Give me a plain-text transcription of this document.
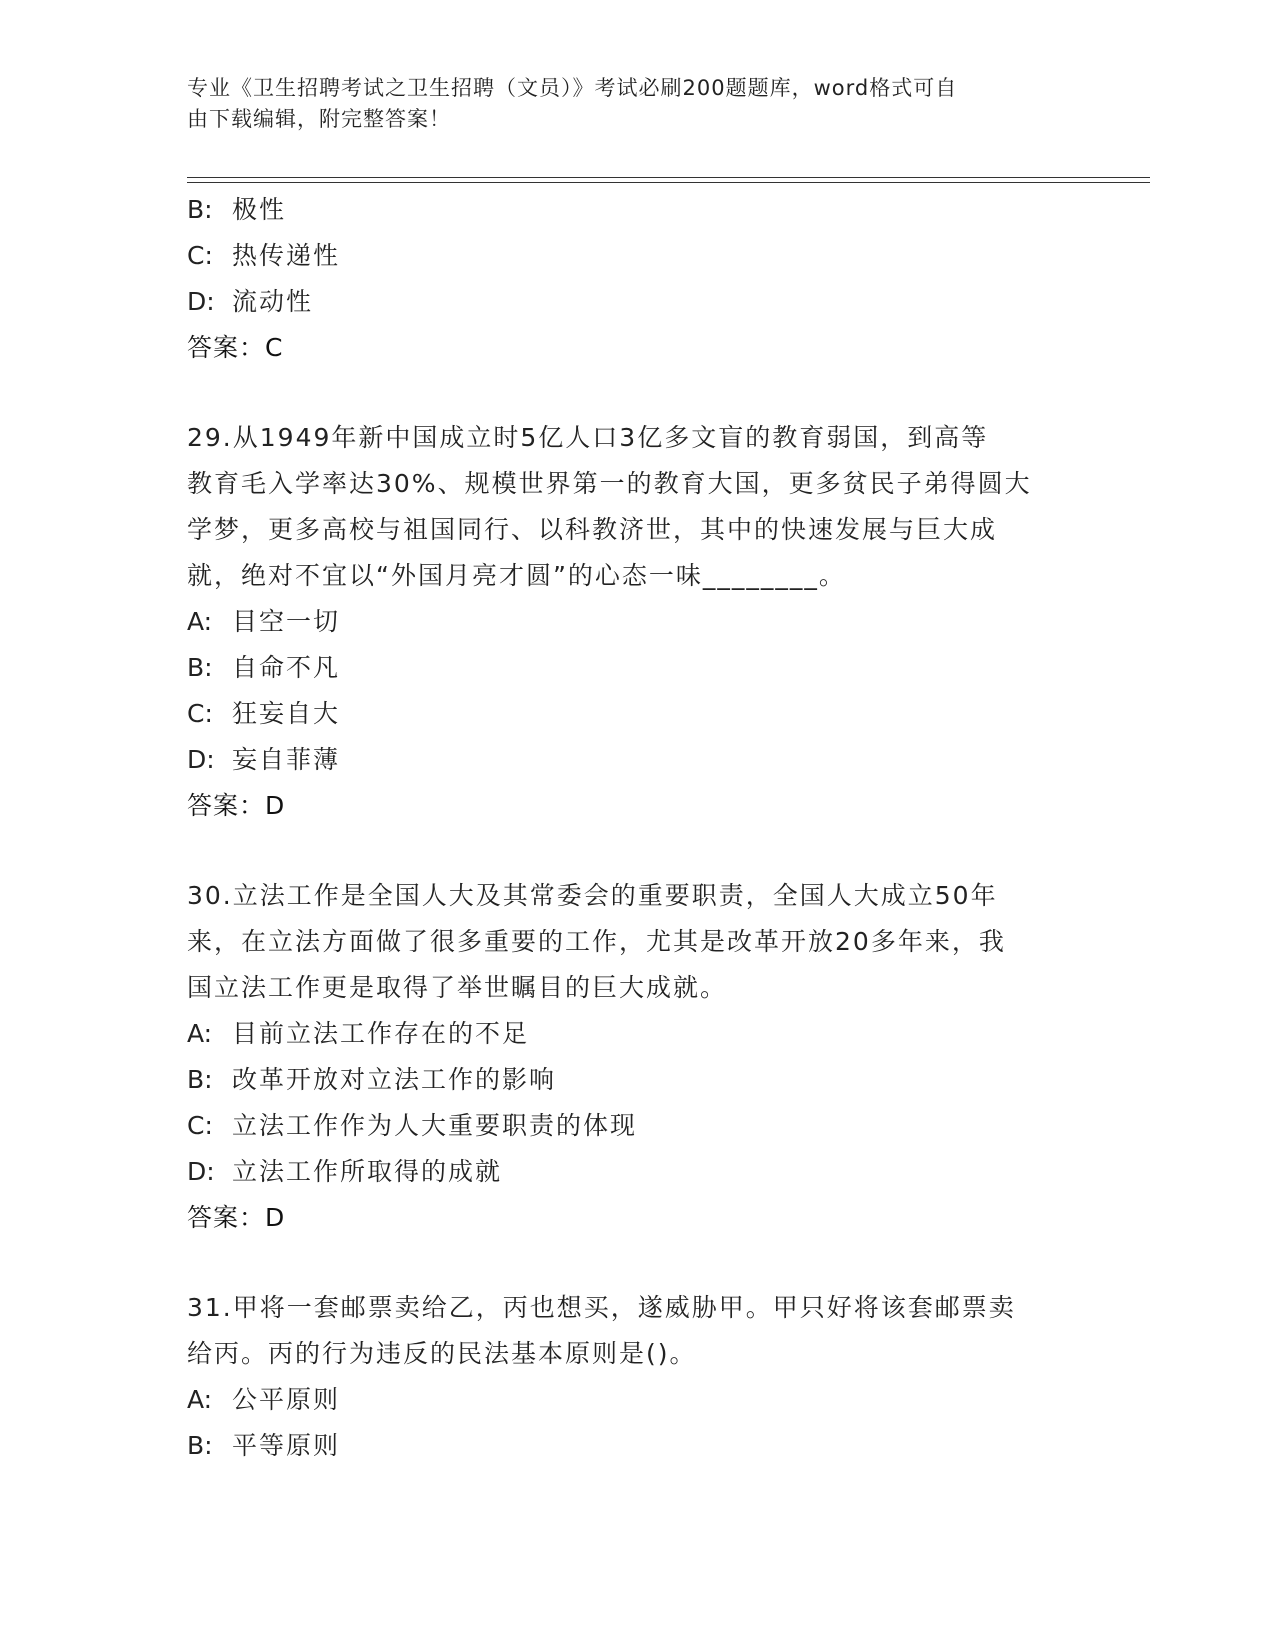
专业《卫生招聘考试之卫生招聘（文员）》考试必刷200题题库，word格式可自
由下载编辑，附完整答案！
B: 极性
C: 热传递性
D: 流动性
答案：C
29.从1949年新中国成立时5亿人口3亿多文盲的教育弱国，到高等
教育毛入学率达30%、规模世界第一的教育大国，更多贫民子弟得圆大
学梦，更多高校与祖国同行、以科教济世，其中的快速发展与巨大成
就，绝对不宜以“外国月亮才圆”的心态一味________。
A: 目空一切
B: 自命不凡
C: 狂妄自大
D: 妄自菲薄
答案：D
30.立法工作是全国人大及其常委会的重要职责，全国人大成立50年
来，在立法方面做了很多重要的工作，尤其是改革开放20多年来，我
国立法工作更是取得了举世瞩目的巨大成就。
A: 目前立法工作存在的不足
B: 改革开放对立法工作的影响
C: 立法工作作为人大重要职责的体现
D: 立法工作所取得的成就
答案：D
31.甲将一套邮票卖给乙，丙也想买，遂威胁甲。甲只好将该套邮票卖
给丙。丙的行为违反的民法基本原则是()。
A: 公平原则
B: 平等原则
